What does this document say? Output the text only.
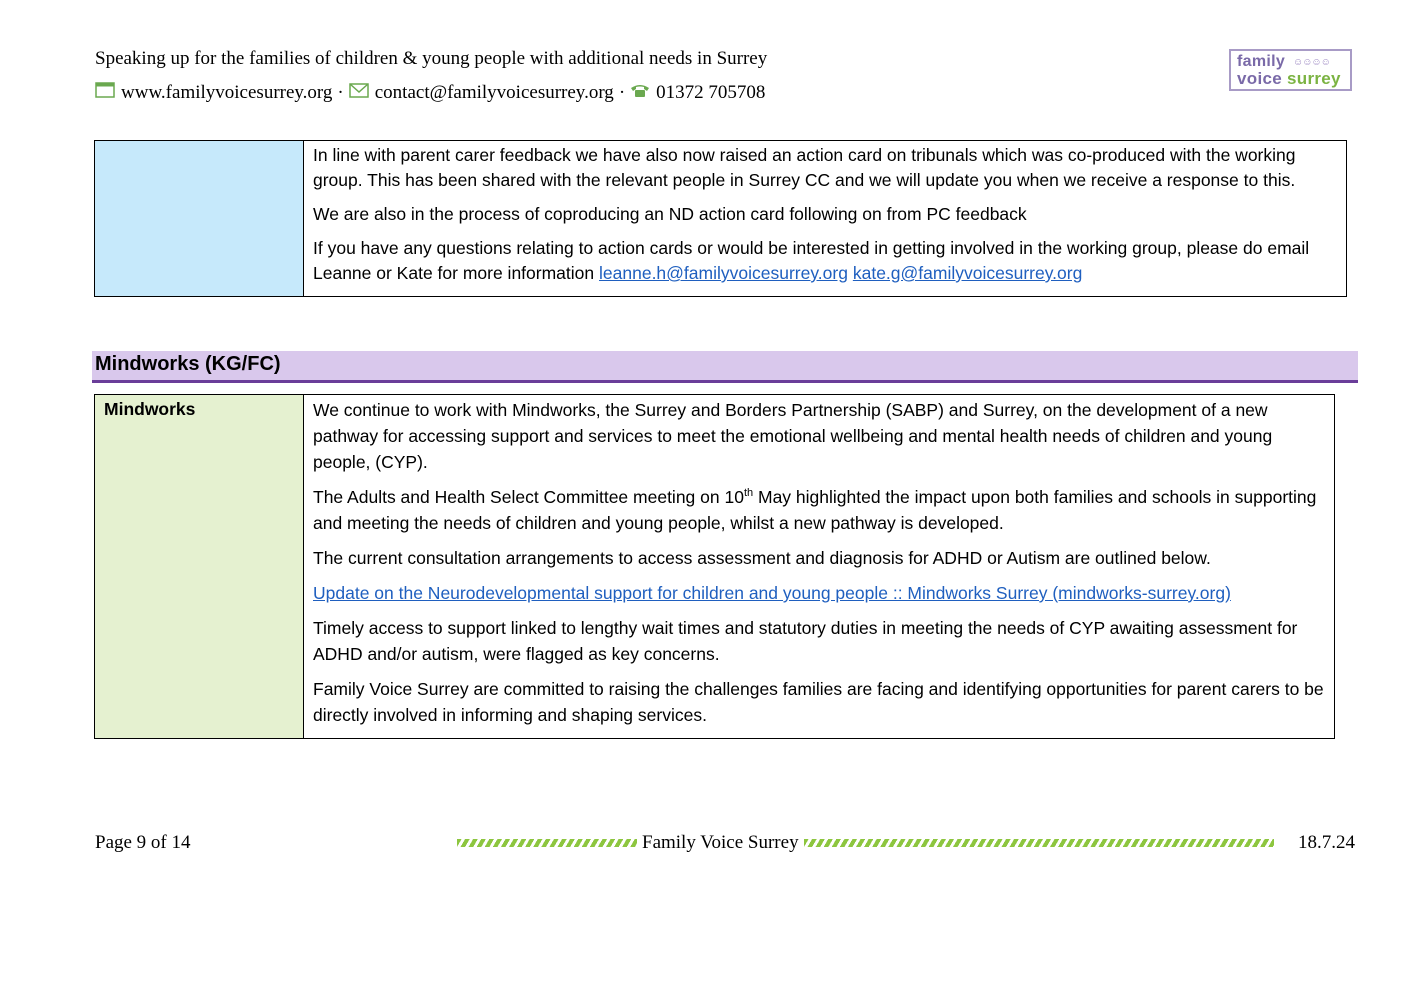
Speaking up for the families of children & young people with additional needs in Surrey
www.familyvoicesurrey.org · contact@familyvoicesurrey.org · 01372 705708
family ☺☺☺☺
voice surrey

In line with parent carer feedback we have also now raised an action card on tribunals which was co-produced with the working group. This has been shared with the relevant people in Surrey CC and we will update you when we receive a response to this.

We are also in the process of coproducing an ND action card following on from PC feedback

If you have any questions relating to action cards or would be interested in getting involved in the working group, please do email Leanne or Kate for more information leanne.h@familyvoicesurrey.org kate.g@familyvoicesurrey.org

Mindworks (KG/FC)
Mindworks	We continue to work with Mindworks, the Surrey and Borders Partnership (SABP) and Surrey, on the development of a new pathway for accessing support and services to meet the emotional wellbeing and mental health needs of children and young people, (CYP).

The Adults and Health Select Committee meeting on 10th May highlighted the impact upon both families and schools in supporting and meeting the needs of children and young people, whilst a new pathway is developed.

The current consultation arrangements to access assessment and diagnosis for ADHD or Autism are outlined below.

Update on the Neurodevelopmental support for children and young people :: Mindworks Surrey (mindworks-surrey.org)

Timely access to support linked to lengthy wait times and statutory duties in meeting the needs of CYP awaiting assessment for ADHD and/or autism, were flagged as key concerns.

Family Voice Surrey are committed to raising the challenges families are facing and identifying opportunities for parent carers to be directly involved in informing and shaping services.

Page 9 of 14	Family Voice Surrey	18.7.24
